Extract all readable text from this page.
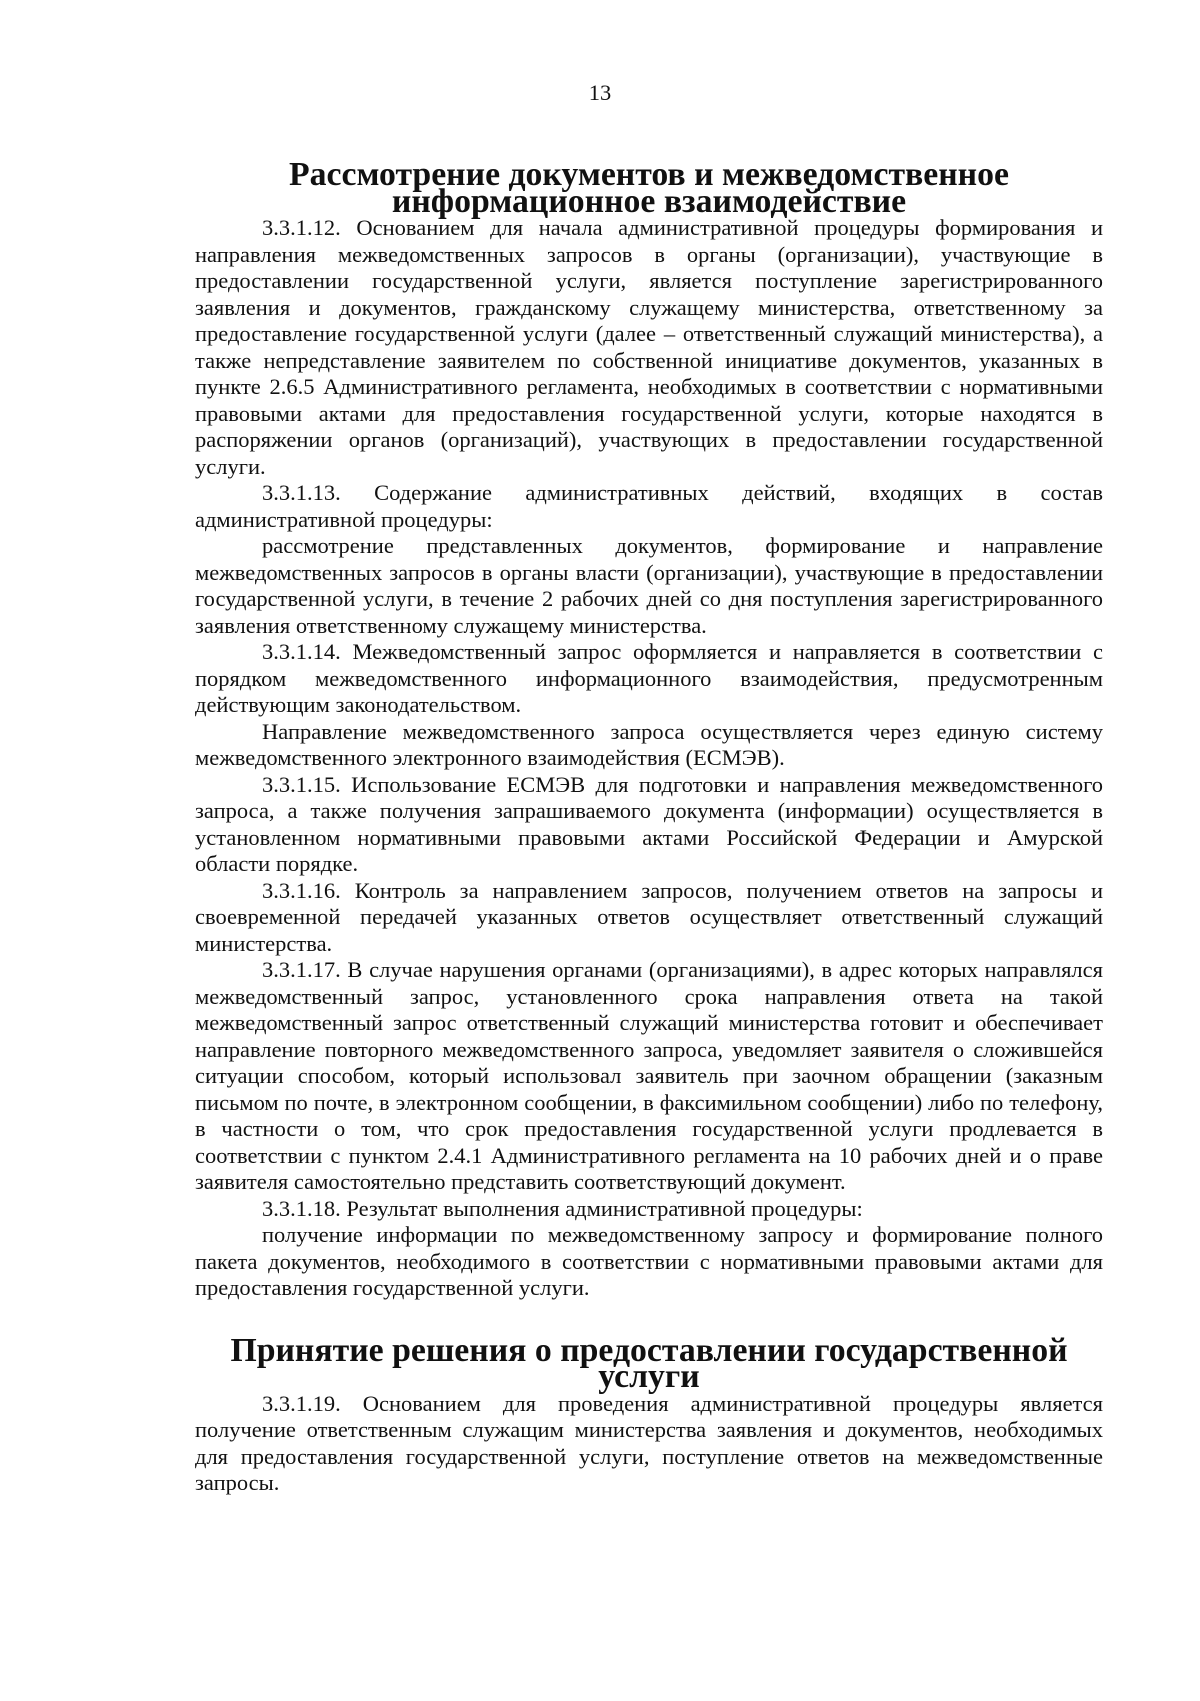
13
Рассмотрение документов и межведомственное
информационное взаимодействие

3.3.1.12. Основанием для начала административной процедуры формирования и направления межведомственных запросов в органы (организации), участвующие в предоставлении государственной услуги, является поступление зарегистрированного заявления и документов, гражданскому служащему министерства, ответственному за предоставление государственной услуги (далее – ответственный служащий министерства), а также непредставление заявителем по собственной инициативе документов, указанных в пункте 2.6.5 Административного регламента, необходимых в соответствии с нормативными правовыми актами для предоставления государственной услуги, которые находятся в распоряжении органов (организаций), участвующих в предоставлении государственной услуги.

3.3.1.13. Содержание административных действий, входящих в состав административной процедуры:

рассмотрение представленных документов, формирование и направление межведомственных запросов в органы власти (организации), участвующие в предоставлении государственной услуги, в течение 2 рабочих дней со дня поступления зарегистрированного заявления ответственному служащему министерства.

3.3.1.14. Межведомственный запрос оформляется и направляется в соответствии с порядком межведомственного информационного взаимодействия, предусмотренным действующим законодательством.

Направление межведомственного запроса осуществляется через единую систему межведомственного электронного взаимодействия (ЕСМЭВ).

3.3.1.15. Использование ЕСМЭВ для подготовки и направления межведомственного запроса, а также получения запрашиваемого документа (информации) осуществляется в установленном нормативными правовыми актами Российской Федерации и Амурской области порядке.

3.3.1.16. Контроль за направлением запросов, получением ответов на запросы и своевременной передачей указанных ответов осуществляет ответственный служащий министерства.

3.3.1.17. В случае нарушения органами (организациями), в адрес которых направлялся межведомственный запрос, установленного срока направления ответа на такой межведомственный запрос ответственный служащий министерства готовит и обеспечивает направление повторного межведомственного запроса, уведомляет заявителя о сложившейся ситуации способом, который использовал заявитель при заочном обращении (заказным письмом по почте, в электронном сообщении, в факсимильном сообщении) либо по телефону, в частности о том, что срок предоставления государственной услуги продлевается в соответствии с пунктом 2.4.1 Административного регламента на 10 рабочих дней и о праве заявителя самостоятельно представить соответствующий документ.

3.3.1.18. Результат выполнения административной процедуры:

получение информации по межведомственному запросу и формирование полного пакета документов, необходимого в соответствии с нормативными правовыми актами для предоставления государственной услуги.

Принятие решения о предоставлении государственной услуги

3.3.1.19. Основанием для проведения административной процедуры является получение ответственным служащим министерства заявления и документов, необходимых для предоставления государственной услуги, поступление ответов на межведомственные запросы.
